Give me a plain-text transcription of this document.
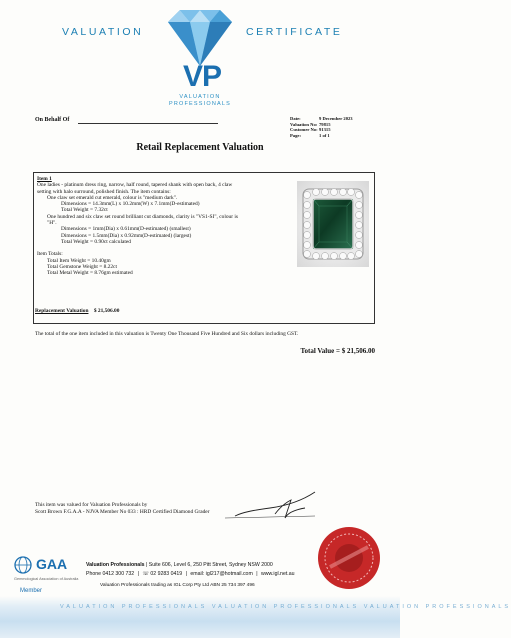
VALUATION	CERTIFICATE
VP
VALUATION
PROFESSIONALS
On Behalf Of	Date:	9 December 2023
Valuation No: 79815
Customer No:91315
Page:	1 of 1
Retail Replacement Valuation
Item 1
One ladies - platinum dress ring, narrow, half round, tapered shank with open back, 4 claw
setting with halo surround, polished finish. The item contains:
One claw set emerald cut emerald, colour is "medium dark".
Dimensions = 14.3mm(L) x 10.2mm(W) x 7.1mm(D-estimated)
Total Weight = 7.32ct
One hundred and six claw set round brilliant cut diamonds, clarity is "VS1-SI", colour is
"H".
Dimensions = 1mm(Dia) x 0.61mm(D-estimated) (smallest)
Dimensions = 1.5mm(Dia) x 0.92mm(D-estimated) (largest)
Total Weight = 0.90ct calculated
Item Totals:
Total Item Weight = 10.40gm
Total Gemstone Weight = 8.22ct
Total Metal Weight = 8.76gm estimated
Replacement Valuation $ 21,506.00
The total of the one item included in this valuation is Twenty One Thousand Five Hundred and Six dollars including GST.
Total Value = $ 21,506.00
This item was valued for Valuation Professionals by
Scott Brown F.G.A.A - NJVA Member No 033 : HRD Certified Diamond Grader
GAA
Gemmological Association of Australia
Member
Valuation Professionals | Suite 606, Level 6, 250 Pitt Street, Sydney NSW 2000
Phone 0412 300 732 | ☏ 02 9283 0419 | email: igl217@hotmail.com | www.igl.net.au
Valuation Professionals trading as IGL Corp Pty Ltd ABN 25 734 397 496
VALUATION PROFESSIONALS VALUATION PROFESSIONALS VALUATION PROFESSIONALS
